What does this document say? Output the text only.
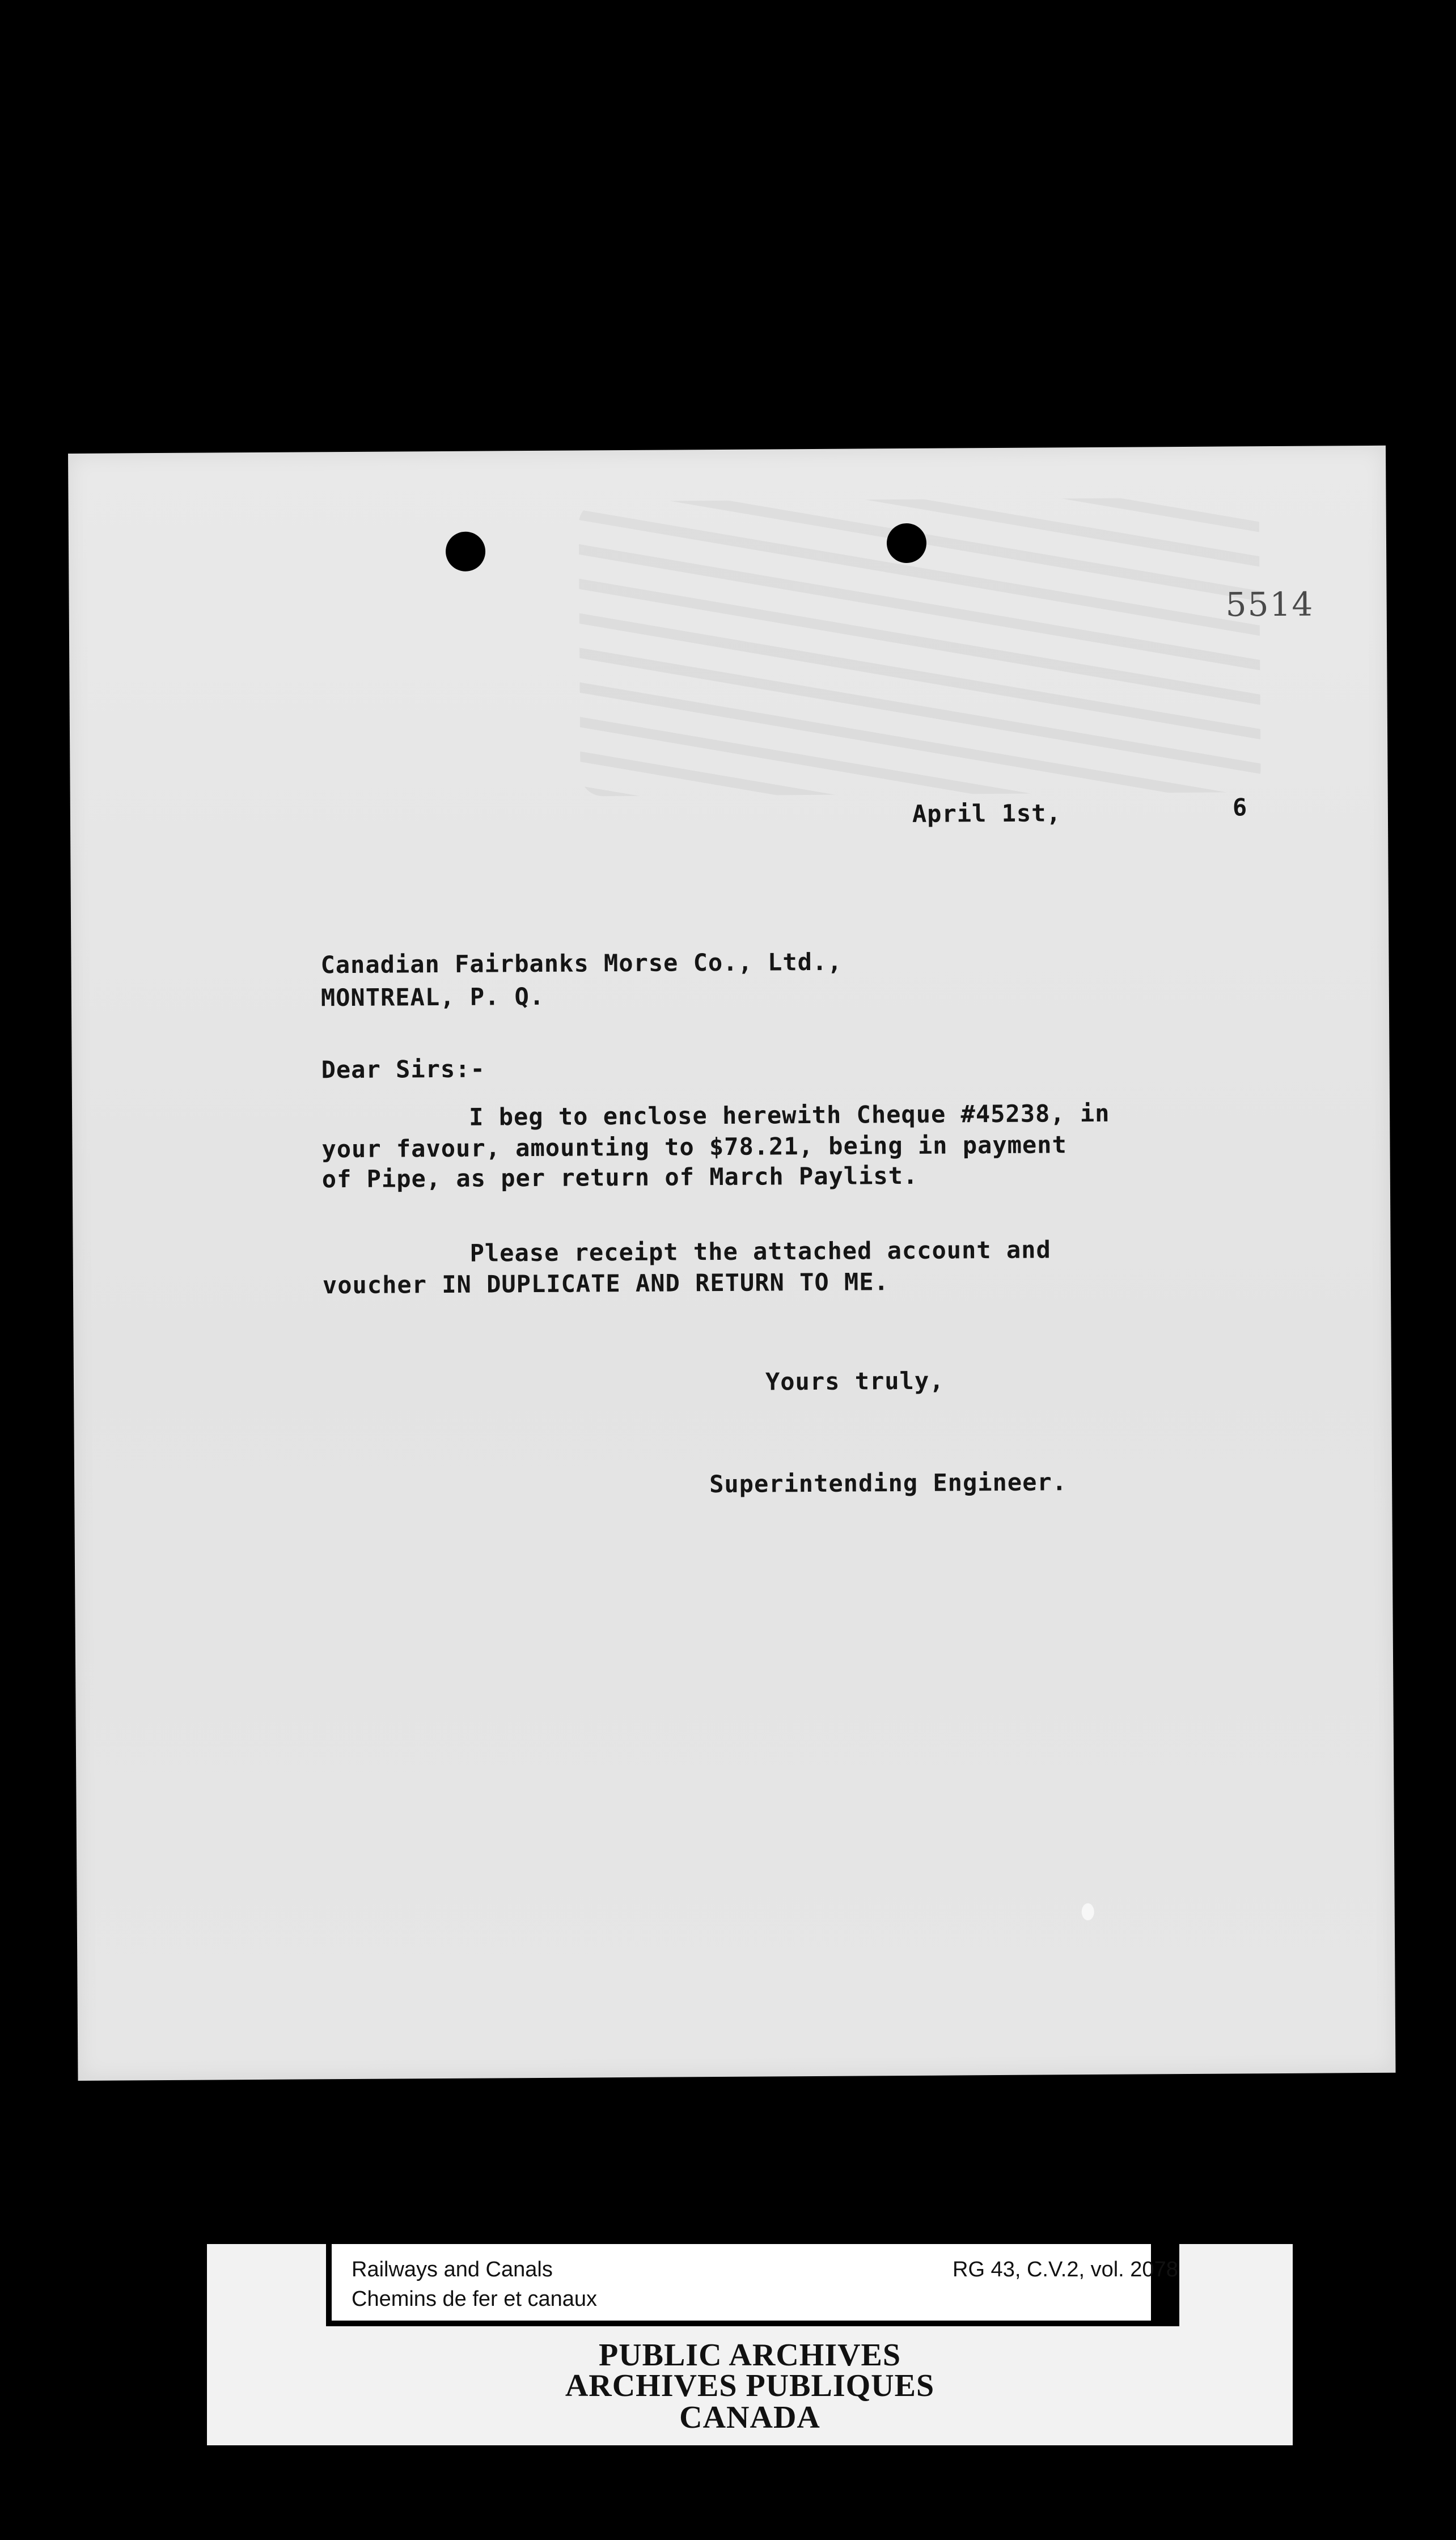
5514
April 1st,	6
Canadian Fairbanks Morse Co., Ltd.,
MONTREAL, P. Q.
Dear Sirs:-
I beg to enclose herewith Cheque #45238, in
your favour, amounting to $78.21, being in payment
of Pipe, as per return of March Paylist.
Please receipt the attached account and
voucher IN DUPLICATE AND RETURN TO ME.
Yours truly,
Superintending Engineer.
Railways and Canals
Chemins de fer et canaux
RG 43, C.V.2, vol. 2078
PUBLIC ARCHIVES
ARCHIVES PUBLIQUES
CANADA
